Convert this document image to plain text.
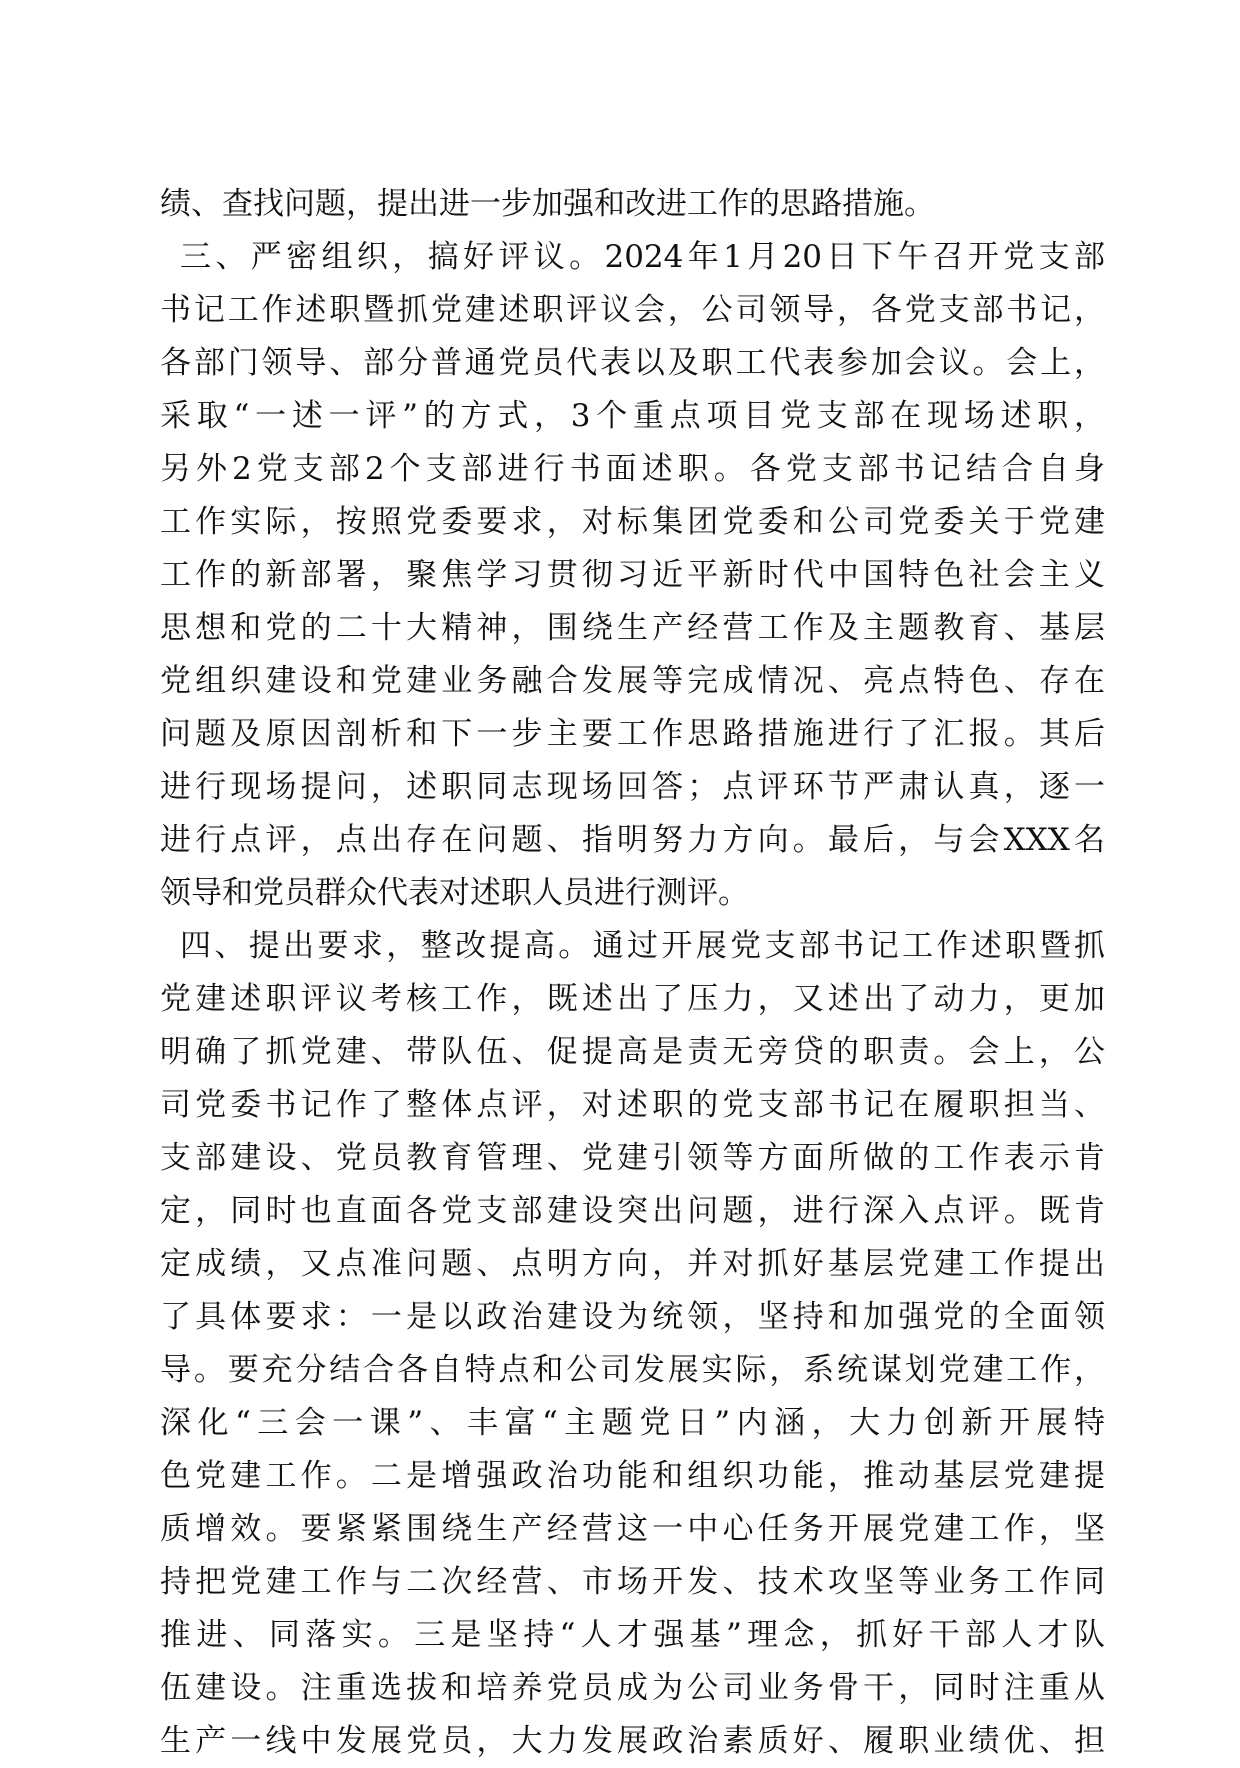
绩、查找问题，提出进一步加强和改进工作的思路措施。
三、严密组织，搞好评议。2024年1月20日下午召开党支部
书记工作述职暨抓党建述职评议会，公司领导，各党支部书记，
各部门领导、部分普通党员代表以及职工代表参加会议。会上，
采取“一述一评”的方式，3个重点项目党支部在现场述职，
另外2党支部2个支部进行书面述职。各党支部书记结合自身
工作实际，按照党委要求，对标集团党委和公司党委关于党建
工作的新部署，聚焦学习贯彻习近平新时代中国特色社会主义
思想和党的二十大精神，围绕生产经营工作及主题教育、基层
党组织建设和党建业务融合发展等完成情况、亮点特色、存在
问题及原因剖析和下一步主要工作思路措施进行了汇报。其后
进行现场提问，述职同志现场回答；点评环节严肃认真，逐一
进行点评，点出存在问题、指明努力方向。最后，与会XXX名
领导和党员群众代表对述职人员进行测评。
四、提出要求，整改提高。通过开展党支部书记工作述职暨抓
党建述职评议考核工作，既述出了压力，又述出了动力，更加
明确了抓党建、带队伍、促提高是责无旁贷的职责。会上，公
司党委书记作了整体点评，对述职的党支部书记在履职担当、
支部建设、党员教育管理、党建引领等方面所做的工作表示肯
定，同时也直面各党支部建设突出问题，进行深入点评。既肯
定成绩，又点准问题、点明方向，并对抓好基层党建工作提出
了具体要求：一是以政治建设为统领，坚持和加强党的全面领
导。要充分结合各自特点和公司发展实际，系统谋划党建工作，
深化“三会一课”、丰富“主题党日”内涵，大力创新开展特
色党建工作。二是增强政治功能和组织功能，推动基层党建提
质增效。要紧紧围绕生产经营这一中心任务开展党建工作，坚
持把党建工作与二次经营、市场开发、技术攻坚等业务工作同
推进、同落实。三是坚持“人才强基”理念，抓好干部人才队
伍建设。注重选拔和培养党员成为公司业务骨干，同时注重从
生产一线中发展党员，大力发展政治素质好、履职业绩优、担
